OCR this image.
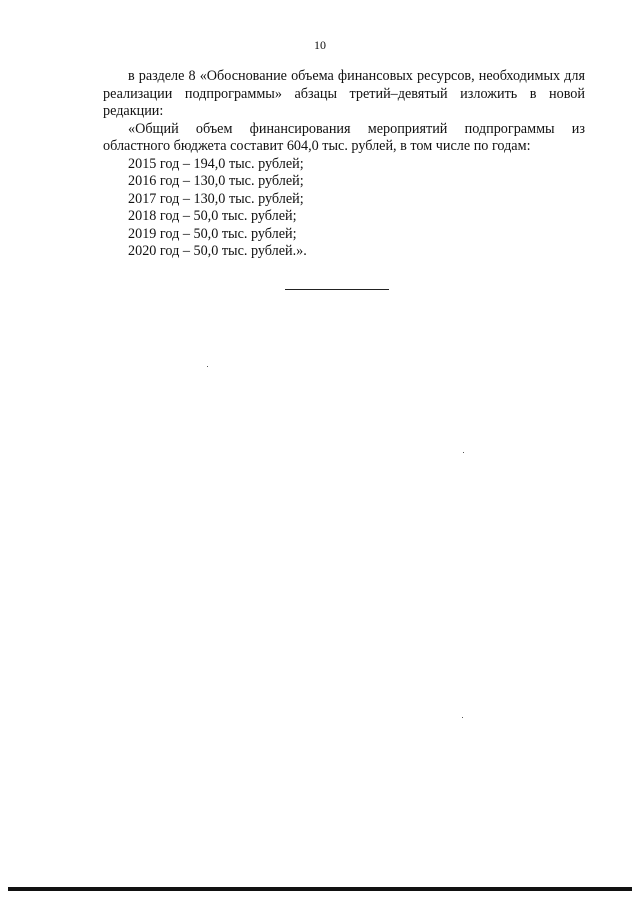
10

в разделе 8 «Обоснование объема финансовых ресурсов, необходимых для реализации подпрограммы» абзацы третий–девятый изложить в новой редакции:

«Общий объем финансирования мероприятий подпрограммы из областного бюджета составит 604,0 тыс. рублей, в том числе по годам:

2015 год – 194,0 тыс. рублей;

2016 год – 130,0 тыс. рублей;

2017 год – 130,0 тыс. рублей;

2018 год – 50,0 тыс. рублей;

2019 год – 50,0 тыс. рублей;

2020 год – 50,0 тыс. рублей.».
